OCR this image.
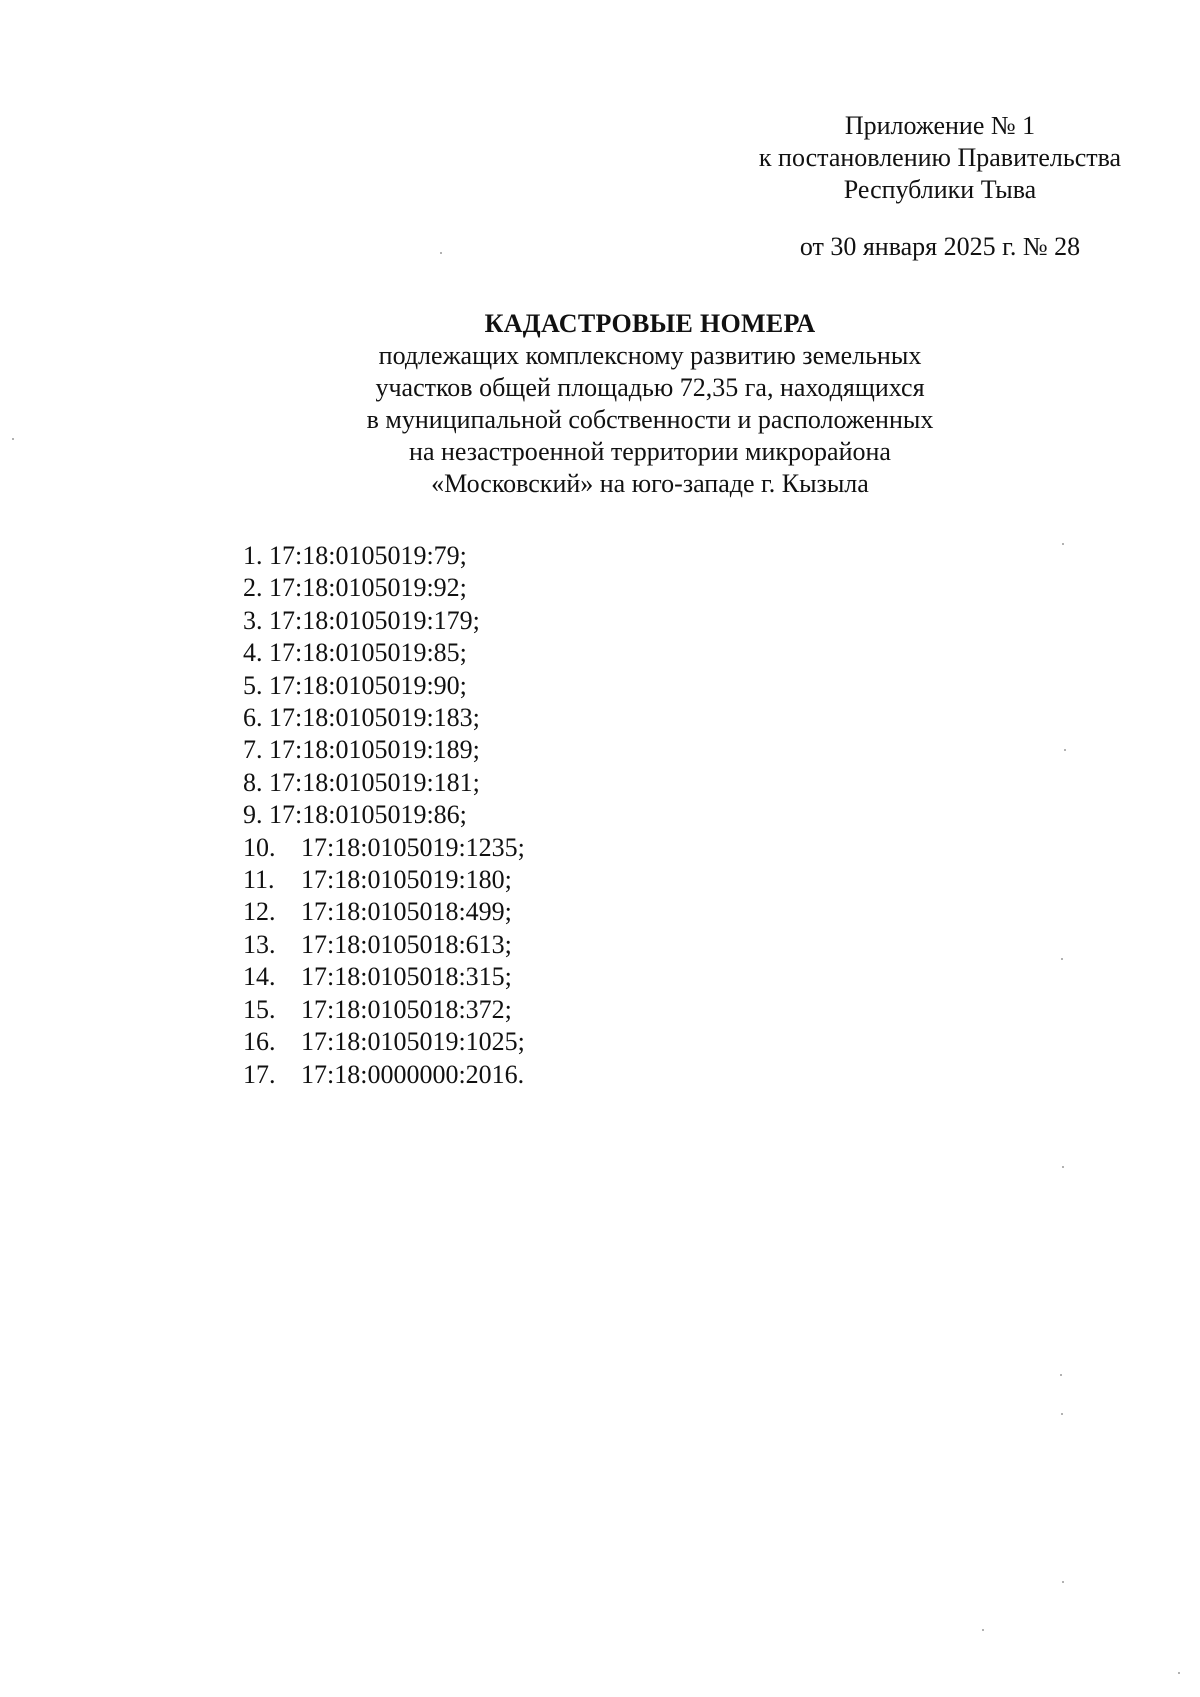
Приложение № 1
к постановлению Правительства
Республики Тыва
от 30 января 2025 г. № 28
КАДАСТРОВЫЕ НОМЕРА
подлежащих комплексному развитию земельных
участков общей площадью 72,35 га, находящихся
в муниципальной собственности и расположенных
на незастроенной территории микрорайона
«Московский» на юго-западе г. Кызыла
1. 17:18:0105019:79;
2. 17:18:0105019:92;
3. 17:18:0105019:179;
4. 17:18:0105019:85;
5. 17:18:0105019:90;
6. 17:18:0105019:183;
7. 17:18:0105019:189;
8. 17:18:0105019:181;
9. 17:18:0105019:86;
10. 17:18:0105019:1235;
11. 17:18:0105019:180;
12. 17:18:0105018:499;
13. 17:18:0105018:613;
14. 17:18:0105018:315;
15. 17:18:0105018:372;
16. 17:18:0105019:1025;
17. 17:18:0000000:2016.
